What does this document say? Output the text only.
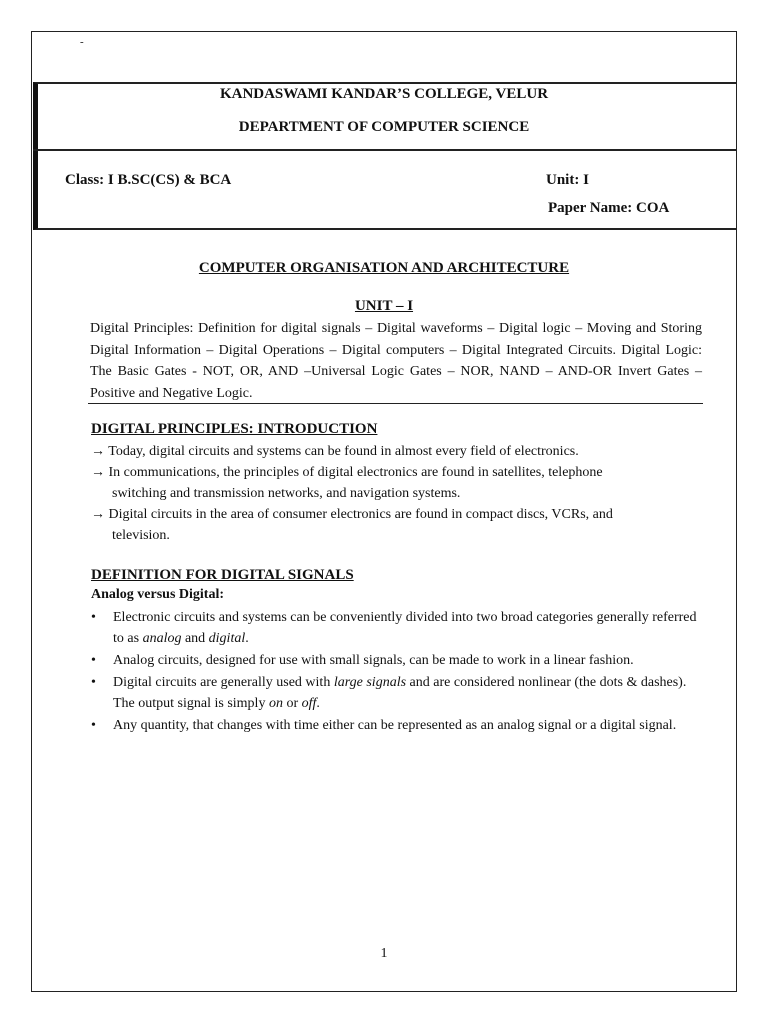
-
KANDASWAMI KANDAR’S COLLEGE, VELUR
DEPARTMENT OF COMPUTER SCIENCE
Class: I B.SC(CS) & BCA	Unit: I
Paper Name: COA
COMPUTER ORGANISATION AND ARCHITECTURE
UNIT – I

Digital Principles: Definition for digital signals – Digital waveforms – Digital logic – Moving and Storing Digital Information – Digital Operations – Digital computers – Digital Integrated Circuits. Digital Logic: The Basic Gates - NOT, OR, AND –Universal Logic Gates – NOR, NAND – AND-OR Invert Gates – Positive and Negative Logic.

DIGITAL PRINCIPLES: INTRODUCTION
→ Today, digital circuits and systems can be found in almost every field of electronics.
→ In communications, the principles of digital electronics are found in satellites, telephone
switching and transmission networks, and navigation systems.
→ Digital circuits in the area of consumer electronics are found in compact discs, VCRs, and
television.
DEFINITION FOR DIGITAL SIGNALS
Analog versus Digital:
• Electronic circuits and systems can be conveniently divided into two broad categories generally referred to as analog and digital.
• Analog circuits, designed for use with small signals, can be made to work in a linear fashion.
• Digital circuits are generally used with large signals and are considered nonlinear (the dots & dashes). The output signal is simply on or off.
• Any quantity, that changes with time either can be represented as an analog signal or a digital signal.
1
